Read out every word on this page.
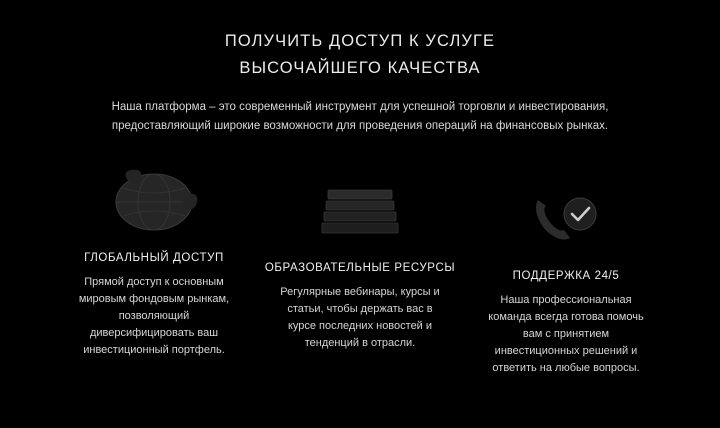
ПОЛУЧИТЬ ДОСТУП К УСЛУГЕ
ВЫСОЧАЙШЕГО КАЧЕСТВА
Наша платформа – это современный инструмент для успешной торговли и инвестирования, предоставляющий широкие возможности для проведения операций на финансовых рынках.
ГЛОБАЛЬНЫЙ ДОСТУП
Прямой доступ к основным мировым фондовым рынкам, позволяющий диверсифицировать ваш инвестиционный портфель.
ОБРАЗОВАТЕЛЬНЫЕ РЕСУРСЫ
Регулярные вебинары, курсы и статьи, чтобы держать вас в курсе последних новостей и тенденций в отрасли.
ПОДДЕРЖКА 24/5
Наша профессиональная команда всегда готова помочь вам с принятием инвестиционных решений и ответить на любые вопросы.
